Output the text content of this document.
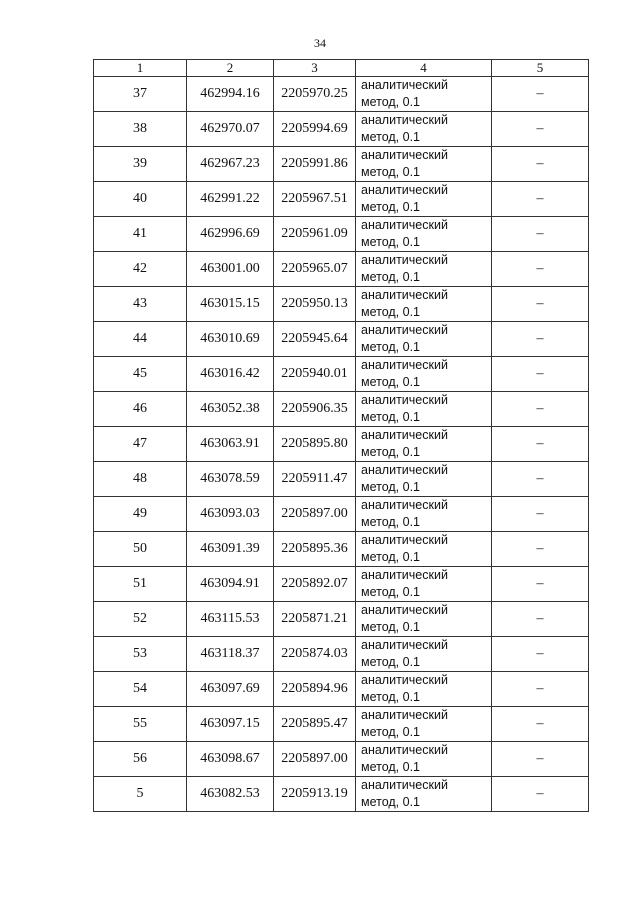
34
1	2	3	4	5
37	462994.16	2205970.25	аналитический
метод, 0.1	–
38	462970.07	2205994.69	аналитический
метод, 0.1	–
39	462967.23	2205991.86	аналитический
метод, 0.1	–
40	462991.22	2205967.51	аналитический
метод, 0.1	–
41	462996.69	2205961.09	аналитический
метод, 0.1	–
42	463001.00	2205965.07	аналитический
метод, 0.1	–
43	463015.15	2205950.13	аналитический
метод, 0.1	–
44	463010.69	2205945.64	аналитический
метод, 0.1	–
45	463016.42	2205940.01	аналитический
метод, 0.1	–
46	463052.38	2205906.35	аналитический
метод, 0.1	–
47	463063.91	2205895.80	аналитический
метод, 0.1	–
48	463078.59	2205911.47	аналитический
метод, 0.1	–
49	463093.03	2205897.00	аналитический
метод, 0.1	–
50	463091.39	2205895.36	аналитический
метод, 0.1	–
51	463094.91	2205892.07	аналитический
метод, 0.1	–
52	463115.53	2205871.21	аналитический
метод, 0.1	–
53	463118.37	2205874.03	аналитический
метод, 0.1	–
54	463097.69	2205894.96	аналитический
метод, 0.1	–
55	463097.15	2205895.47	аналитический
метод, 0.1	–
56	463098.67	2205897.00	аналитический
метод, 0.1	–
5	463082.53	2205913.19	аналитический
метод, 0.1	–
